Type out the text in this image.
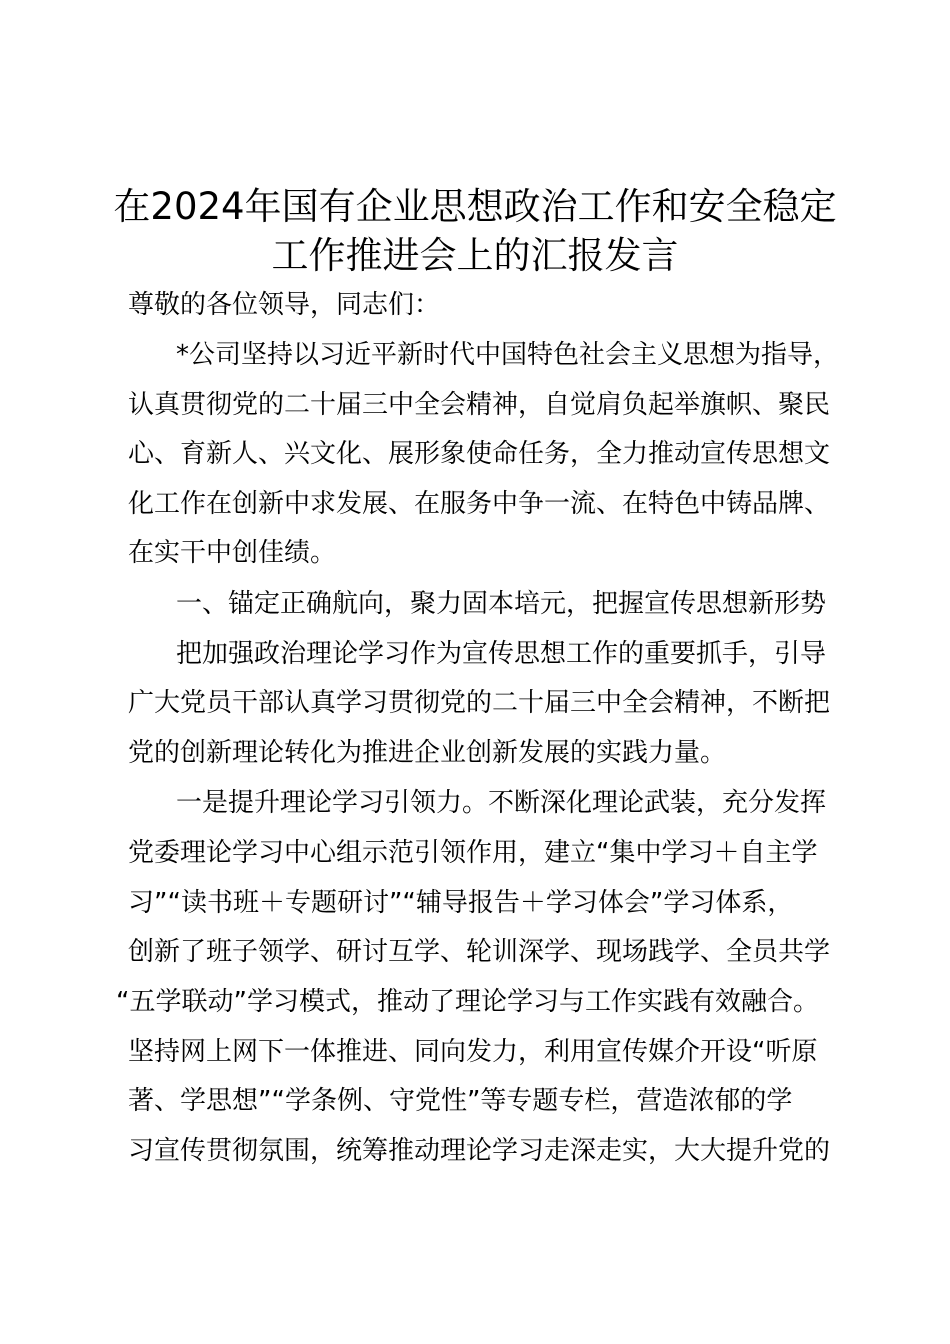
在2024年国有企业思想政治工作和安全稳定
工作推进会上的汇报发言
尊敬的各位领导，同志们：
*公司坚持以习近平新时代中国特色社会主义思想为指导，
认真贯彻党的二十届三中全会精神，自觉肩负起举旗帜、聚民
心、育新人、兴文化、展形象使命任务，全力推动宣传思想文
化工作在创新中求发展、在服务中争一流、在特色中铸品牌、
在实干中创佳绩。
一、锚定正确航向，聚力固本培元，把握宣传思想新形势
把加强政治理论学习作为宣传思想工作的重要抓手，引导
广大党员干部认真学习贯彻党的二十届三中全会精神，不断把
党的创新理论转化为推进企业创新发展的实践力量。
一是提升理论学习引领力。不断深化理论武装，充分发挥
党委理论学习中心组示范引领作用，建立“集中学习＋自主学
习”“读书班＋专题研讨”“辅导报告＋学习体会”学习体系，
创新了班子领学、研讨互学、轮训深学、现场践学、全员共学
“五学联动”学习模式，推动了理论学习与工作实践有效融合。
坚持网上网下一体推进、同向发力，利用宣传媒介开设“听原
著、学思想”“学条例、守党性”等专题专栏，营造浓郁的学
习宣传贯彻氛围，统筹推动理论学习走深走实，大大提升党的
